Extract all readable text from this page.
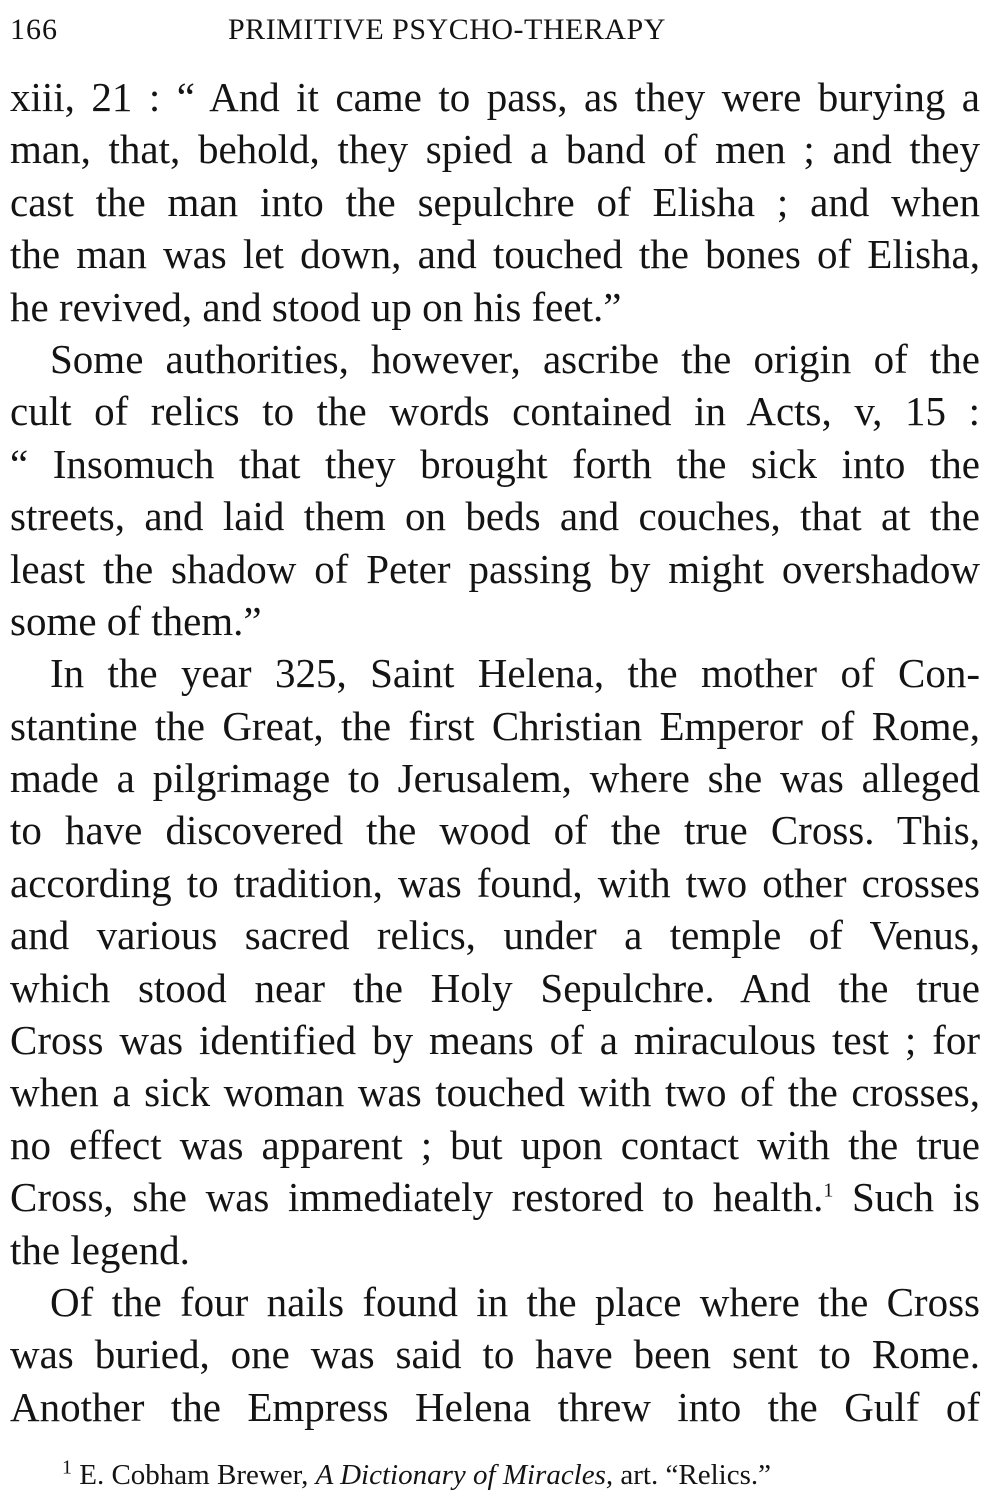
166	PRIMITIVE PSYCHO-THERAPY
xiii, 21 : “ And it came to pass, as they were burying a
man, that, behold, they spied a band of men ; and they
cast the man into the sepulchre of Elisha ; and when
the man was let down, and touched the bones of Elisha,
he revived, and stood up on his feet.”
Some authorities, however, ascribe the origin of the
cult of relics to the words contained in Acts, v, 15 :
“ Insomuch that they brought forth the sick into the
streets, and laid them on beds and couches, that at the
least the shadow of Peter passing by might overshadow
some of them.”
In the year 325, Saint Helena, the mother of Con-
stantine the Great, the first Christian Emperor of Rome,
made a pilgrimage to Jerusalem, where she was alleged
to have discovered the wood of the true Cross. This,
according to tradition, was found, with two other crosses
and various sacred relics, under a temple of Venus,
which stood near the Holy Sepulchre. And the true
Cross was identified by means of a miraculous test ; for
when a sick woman was touched with two of the crosses,
no effect was apparent ; but upon contact with the true
Cross, she was immediately restored to health.$^1$ Such is
the legend.
Of the four nails found in the place where the Cross
was buried, one was said to have been sent to Rome.
Another the Empress Helena threw into the Gulf of
$^1$ E. Cobham Brewer, A Dictionary of Miracles, art. “Relics.”
